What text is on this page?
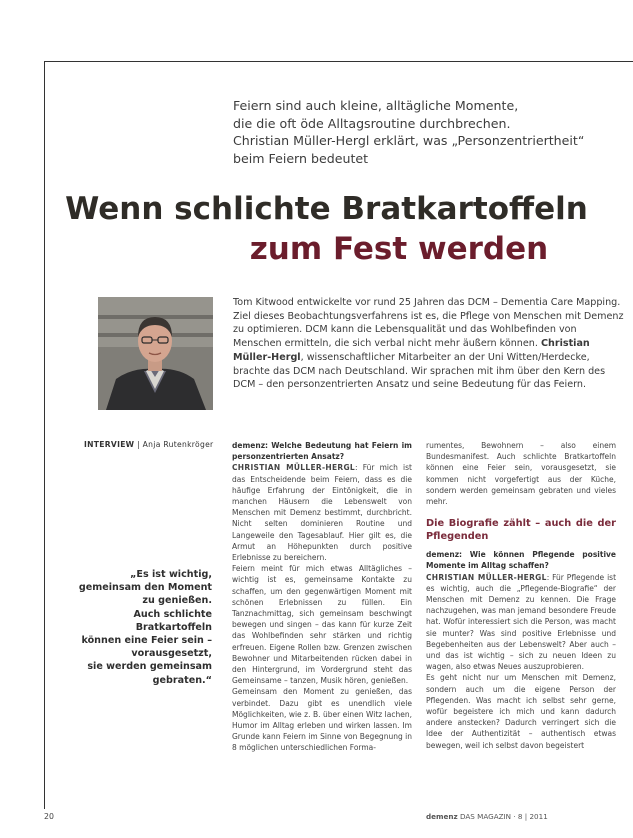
Feiern sind auch kleine, alltägliche Momente,

die die oft öde Alltagsroutine durchbrechen.

Christian Müller-Hergl erklärt, was „Personzentriertheit“

beim Feiern bedeutet

Wenn schlichte Bratkartoffeln
zum Fest werden

Tom Kitwood entwickelte vor rund 25 Jahren das DCM – Dementia Care Mapping. Ziel dieses Beobachtungsverfahrens ist es, die Pflege von Menschen mit Demenz zu optimieren. DCM kann die Lebensqualität und das Wohlbefinden von Menschen ermitteln, die sich verbal nicht mehr äußern können. Christian Müller-Hergl, wissenschaftlicher Mitarbeiter an der Uni Witten/Herdecke, brachte das DCM nach Deutschland. Wir sprachen mit ihm über den Kern des DCM – den personzentrierten Ansatz und seine Bedeutung für das Feiern.

INTERVIEW | Anja Rutenkröger
„Es ist wichtig,
gemeinsam den Moment
zu genießen.
Auch schlichte Bratkartoffeln
können eine Feier sein –
vorausgesetzt,
sie werden gemeinsam
gebraten.“

demenz: Welche Bedeutung hat Feiern im personzentrierten Ansatz?

CHRISTIAN MÜLLER-HERGL: Für mich ist das Entscheidende beim Feiern, dass es die häufige Erfahrung der Eintönigkeit, die in manchen Häusern die Lebenswelt von Menschen mit Demenz bestimmt, durchbricht. Nicht selten dominieren Routine und Langeweile den Tagesablauf. Hier gilt es, die Armut an Höhepunkten durch positive Erlebnisse zu bereichern.

Feiern meint für mich etwas Alltägliches – wichtig ist es, gemeinsame Kontakte zu schaffen, um den gegenwärtigen Moment mit schönen Erlebnissen zu füllen. Ein Tanznachmittag, sich gemeinsam beschwingt bewegen und singen – das kann für kurze Zeit das Wohlbefinden sehr stärken und richtig erfreuen. Eigene Rollen bzw. Grenzen zwischen Bewohner und Mitarbeitenden rücken dabei in den Hintergrund, im Vordergrund steht das Gemeinsame – tanzen, Musik hören, genießen.

Gemeinsam den Moment zu genießen, das verbindet. Dazu gibt es unendlich viele Möglichkeiten, wie z. B. über einen Witz lachen, Humor im Alltag erleben und wirken lassen. Im Grunde kann Feiern im Sinne von Begegnung in 8 möglichen unterschiedlichen Forma-

rumentes, Bewohnern – also einem Bundesmanifest. Auch schlichte Bratkartoffeln können eine Feier sein, vorausgesetzt, sie kommen nicht vorgefertigt aus der Küche, sondern werden gemeinsam gebraten und vieles mehr.

Die Biografie zählt – auch die der Pflegenden

demenz: Wie können Pflegende positive Momente im Alltag schaffen?

CHRISTIAN MÜLLER-HERGL: Für Pflegende ist es wichtig, auch die „Pflegende-Biografie“ der Menschen mit Demenz zu kennen. Die Frage nachzugehen, was man jemand besondere Freude hat. Wofür interessiert sich die Person, was macht sie munter? Was sind positive Erlebnisse und Begebenheiten aus der Lebenswelt? Aber auch – und das ist wichtig – sich zu neuen Ideen zu wagen, also etwas Neues auszuprobieren.

Es geht nicht nur um Menschen mit Demenz, sondern auch um die eigene Person der Pflegenden. Was macht ich selbst sehr gerne, wofür begeistere ich mich und kann dadurch andere anstecken? Dadurch verringert sich die Idee der Authentizität – authentisch etwas bewegen, weil ich selbst davon begeistert

20	demenz DAS MAGAZIN · 8 | 2011
